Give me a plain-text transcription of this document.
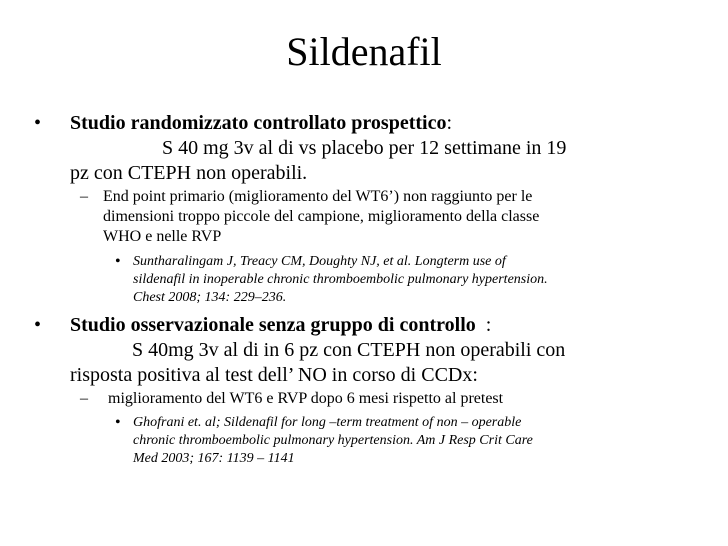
Sildenafil
• Studio randomizzato controllato prospettico:
S 40 mg 3v al di vs placebo per 12 settimane in 19
pz con CTEPH non operabili.
– End point primario (miglioramento del WT6’) non raggiunto per le
dimensioni troppo piccole del campione, miglioramento della classe
WHO e nelle RVP
• Suntharalingam J, Treacy CM, Doughty NJ, et al. Longterm use of
sildenafil in inoperable chronic thromboembolic pulmonary hypertension.
Chest 2008; 134: 229–236.
• Studio osservazionale senza gruppo di controllo  :
S 40mg 3v al di in 6 pz con CTEPH non operabili con
risposta positiva al test dell’ NO in corso di CCDx:
– miglioramento del WT6 e RVP dopo 6 mesi rispetto al pretest
• Ghofrani et. al; Sildenafil for long –term treatment of non – operable
chronic thromboembolic pulmonary hypertension. Am J Resp Crit Care
Med 2003; 167: 1139 – 1141
